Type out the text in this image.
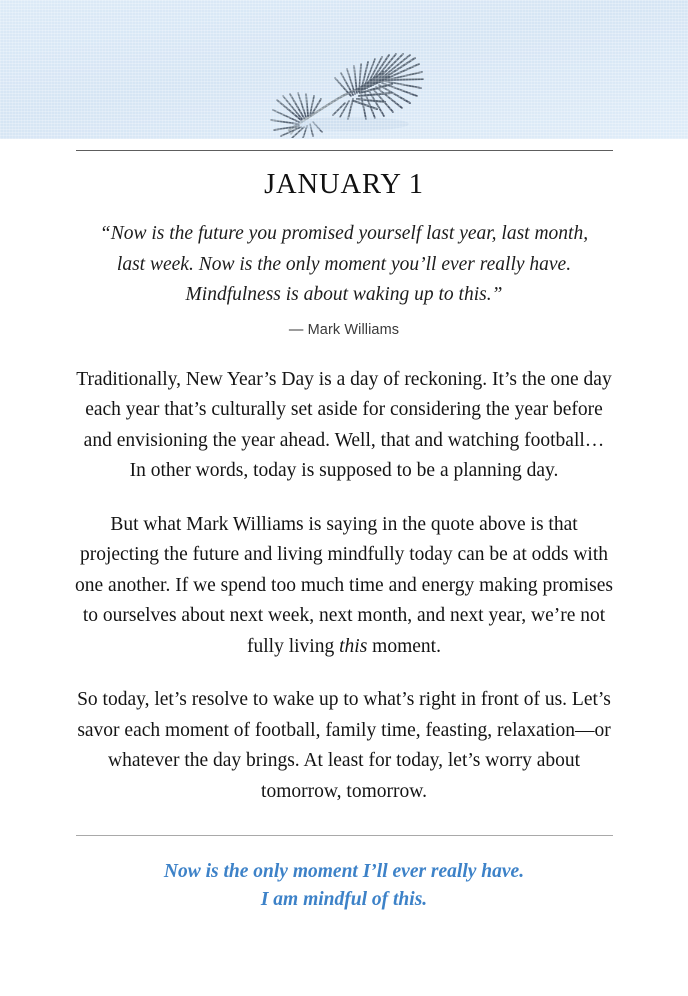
JANUARY 1
“Now is the future you promised yourself last year, last month, last week. Now is the only moment you’ll ever really have. Mindfulness is about waking up to this.”
— Mark Williams

Traditionally, New Year’s Day is a day of reckoning. It’s the one day each year that’s culturally set aside for considering the year before and envisioning the year ahead. Well, that and watching football… In other words, today is supposed to be a planning day.

But what Mark Williams is saying in the quote above is that projecting the future and living mindfully today can be at odds with one another. If we spend too much time and energy making promises to ourselves about next week, next month, and next year, we’re not fully living this moment.

So today, let’s resolve to wake up to what’s right in front of us. Let’s savor each moment of football, family time, feasting, relaxation—or whatever the day brings. At least for today, let’s worry about tomorrow, tomorrow.

Now is the only moment I’ll ever really have.
I am mindful of this.
